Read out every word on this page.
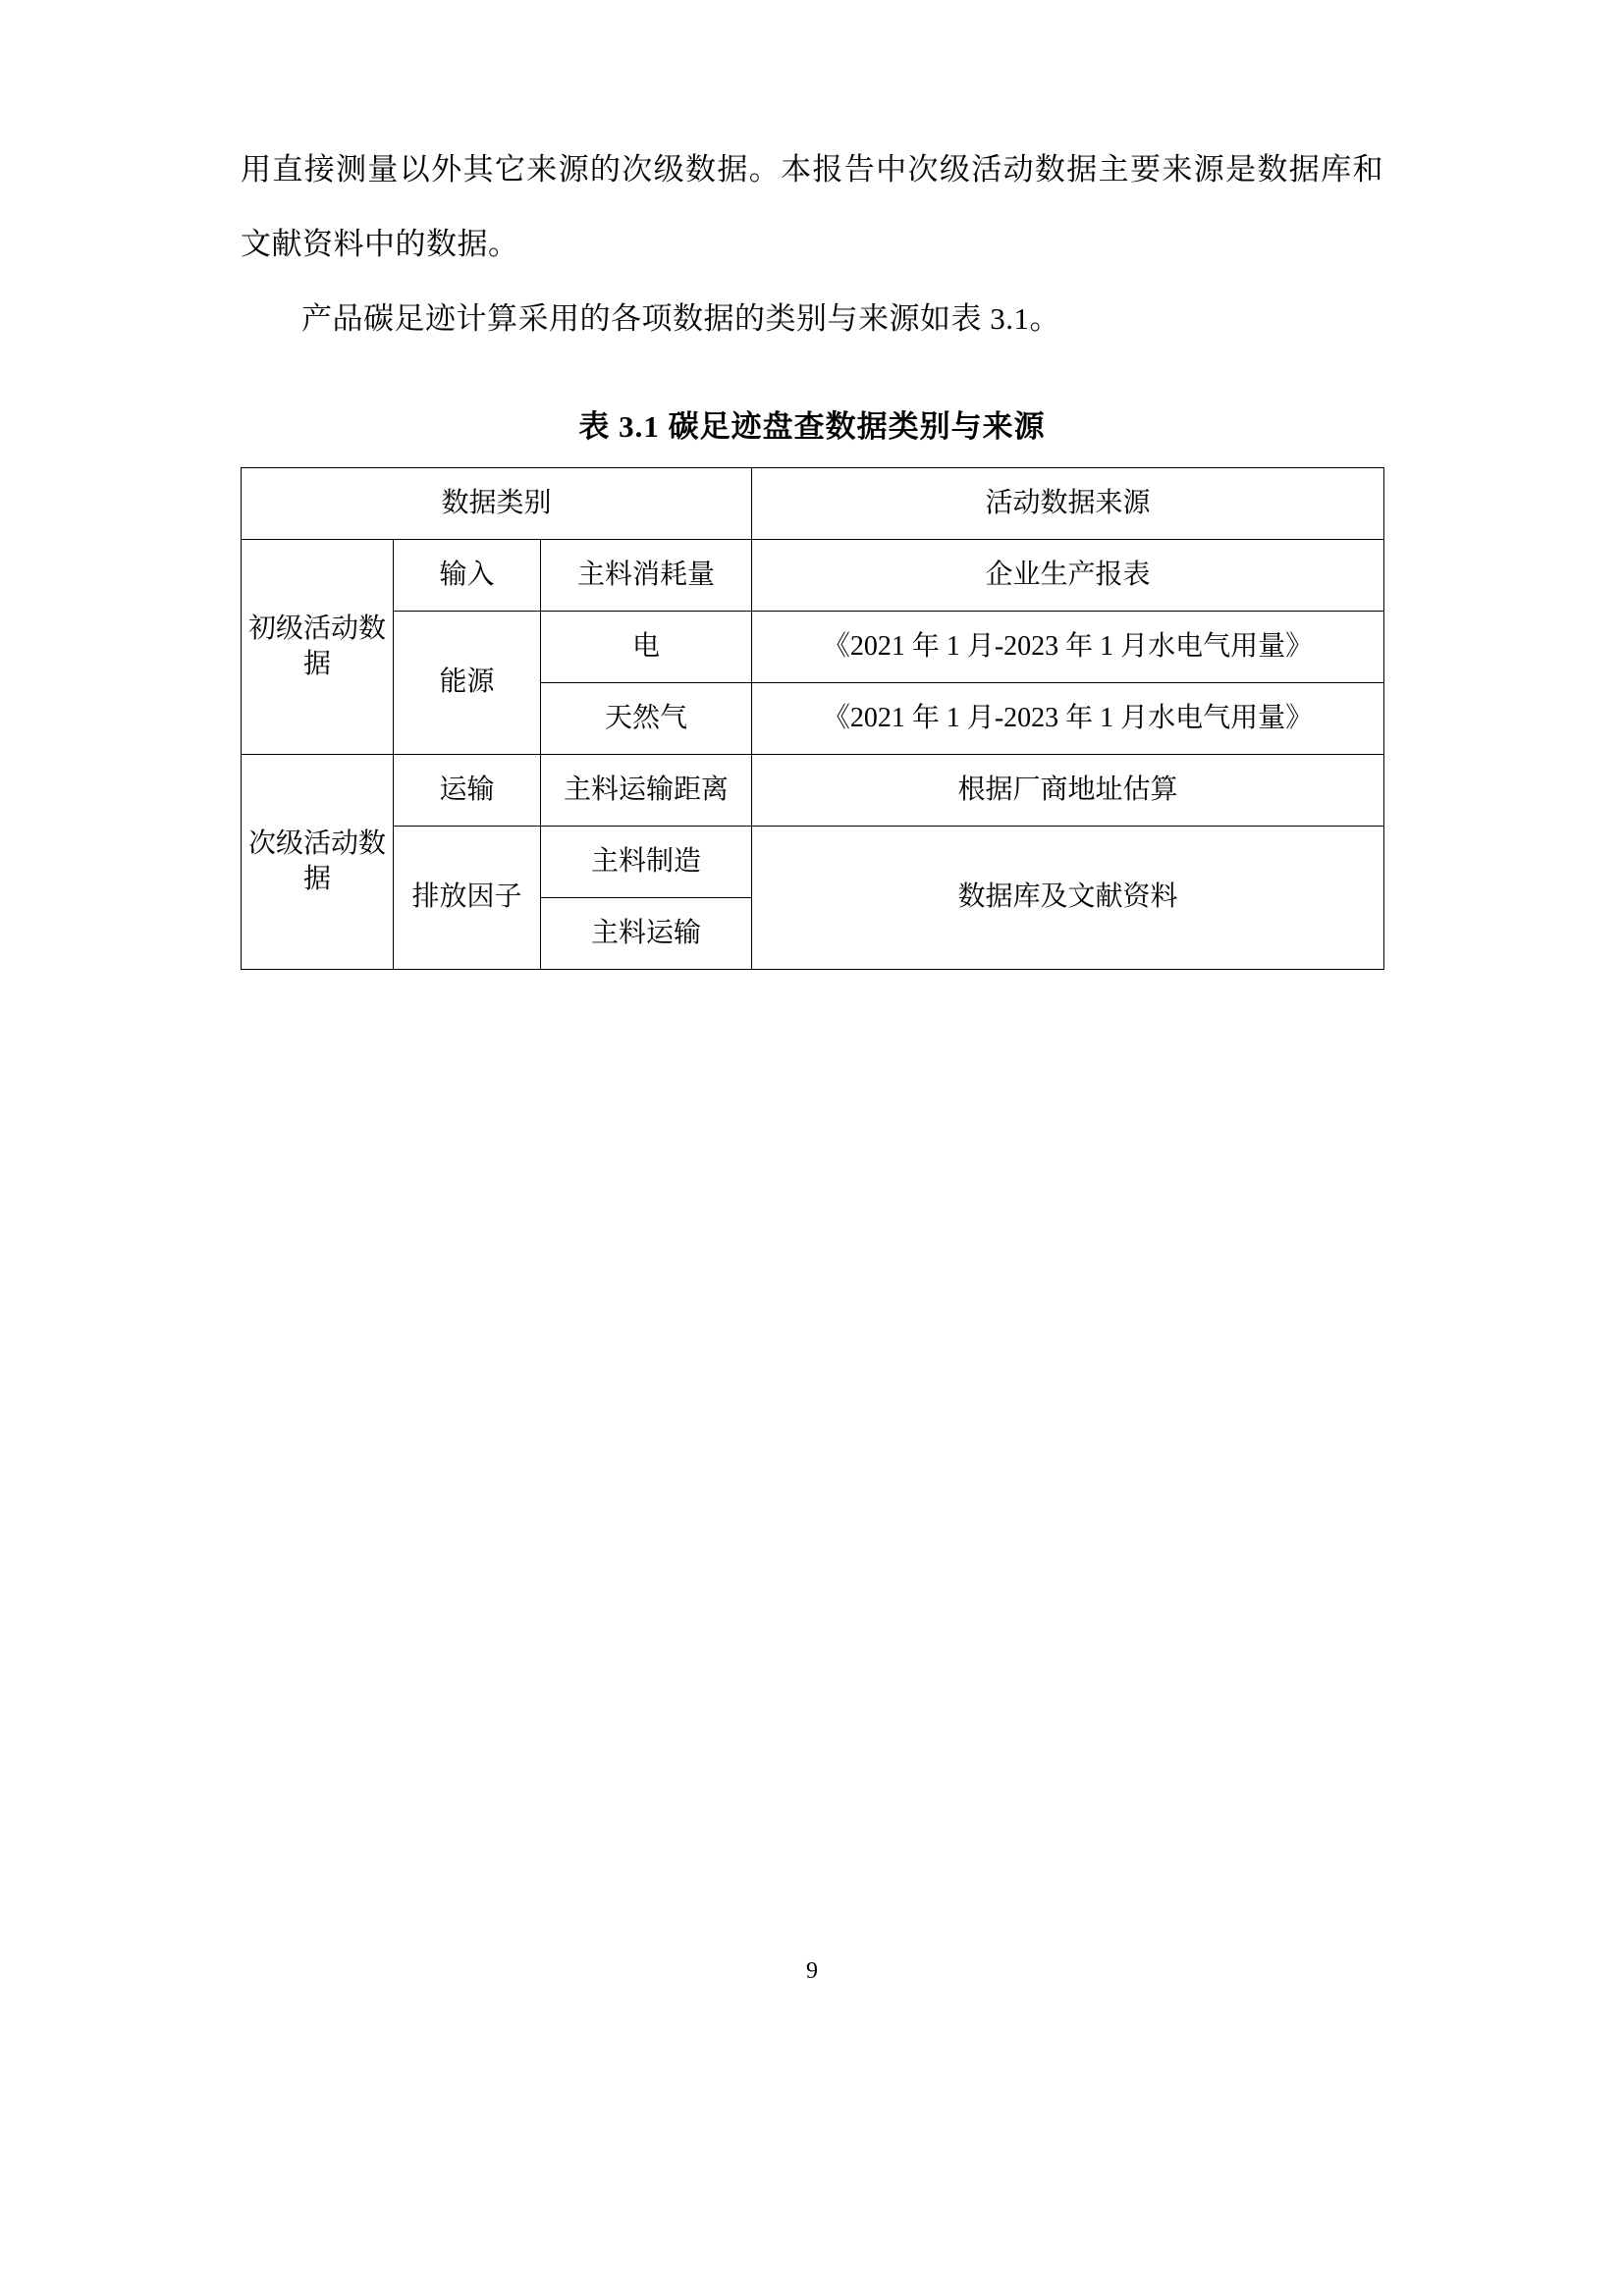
用直接测量以外其它来源的次级数据。本报告中次级活动数据主要来源是数据库和文献资料中的数据。

产品碳足迹计算采用的各项数据的类别与来源如表 3.1。

表 3.1 碳足迹盘查数据类别与来源
数据类别			活动数据来源
初级活动数据	输入	主料消耗量	企业生产报表
	能源	电	《2021 年 1 月-2023 年 1 月水电气用量》
		天然气	《2021 年 1 月-2023 年 1 月水电气用量》
次级活动数据	运输	主料运输距离	根据厂商地址估算
	排放因子	主料制造	数据库及文献资料
		主料运输	
9
